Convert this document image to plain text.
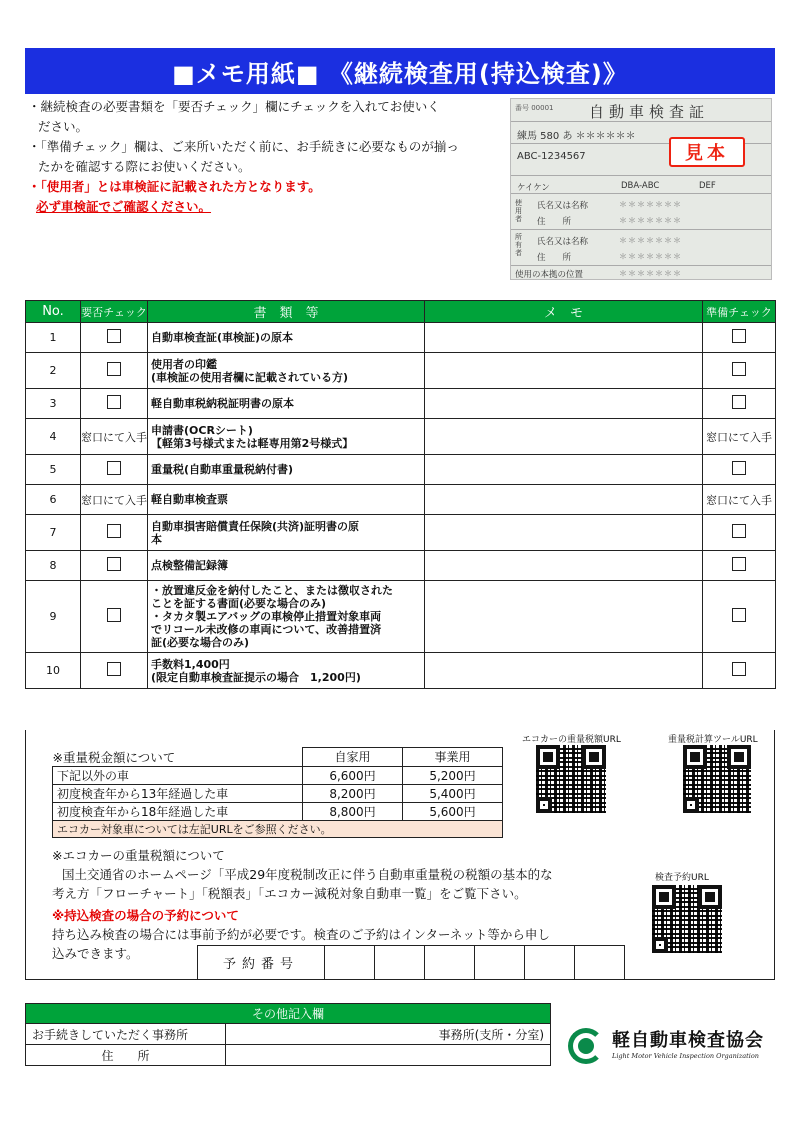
■メモ用紙■ 《継続検査用(持込検査)》
・継続検査の必要書類を「要否チェック」欄にチェックを入れてお使いく
ださい。
・「準備チェック」欄は、ご来所いただく前に、お手続きに必要なものが揃っ
たかを確認する際にお使いください。
・「使用者」とは車検証に記載された方となります。
必ず車検証でご確認ください。
番号 00001 自動車検査証
練馬 580 あ ＊＊＊＊＊＊
ABC-1234567
ケイケン	DBA-ABC	DEF
使用者
氏名又は名称	＊＊＊＊＊＊＊
住　　所	＊＊＊＊＊＊＊
所有者
氏名又は名称	＊＊＊＊＊＊＊
住　　所	＊＊＊＊＊＊＊
使用の本拠の位置	＊＊＊＊＊＊＊
見本
No.	要否チェック	書　類　等	メ　モ	準備チェック
1		自動車検査証(車検証)の原本		
2		使用者の印鑑
(車検証の使用者欄に記載されている方)		
3		軽自動車税納税証明書の原本		
4	窓口にて入手	申請書(OCRシート)
【軽第3号様式または軽専用第2号様式】		窓口にて入手
5		重量税(自動車重量税納付書)		
6	窓口にて入手	軽自動車検査票		窓口にて入手
7		自動車損害賠償責任保険(共済)証明書の原
本		
8		点検整備記録簿		
9		・放置違反金を納付したこと、または徴収された
ことを証する書面(必要な場合のみ)
・タカタ製エアバッグの車検停止措置対象車両
でリコール未改修の車両について、改善措置済
証(必要な場合のみ)		
10		手数料1,400円
(限定自動車検査証提示の場合　1,200円)		
エコカーの重量税額URL	重量税計算ツールURL
※重量税金額について	自家用	事業用
下記以外の車	6,600円	5,200円
初度検査年から13年経過した車	8,200円	5,400円
初度検査年から18年経過した車	8,800円	5,600円
エコカー対象車については左記URLをご参照ください。		
※エコカーの重量税額について
国土交通省のホームページ「平成29年度税制改正に伴う自動車重量税の税額の基本的な
考え方「フローチャート」「税額表」「エコカー減税対象自動車一覧」をご覧下さい。
※持込検査の場合の予約について
持ち込み検査の場合には事前予約が必要です。検査のご予約はインターネット等から申し
込みできます。
検査予約URL
予約番号
その他記入欄	
お手続きしていただく事務所	事務所(支所・分室)
住　　所	
軽自動車検査協会
Light Motor Vehicle Inspection Organization
